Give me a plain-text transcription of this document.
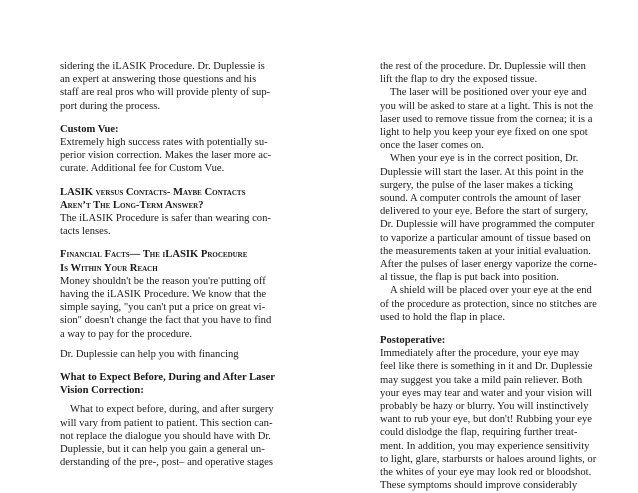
sidering the iLASIK Procedure. Dr. Duplessie is
an expert at answering those questions and his
staff are real pros who will provide plenty of sup-
port during the process.
Custom Vue:
Extremely high success rates with potentially su-
perior vision correction. Makes the laser more ac-
curate. Additional fee for Custom Vue.
LASIK versus Contacts- Maybe Contacts
Aren’t The Long-Term Answer?
The iLASIK Procedure is safer than wearing con-
tacts lenses.
Financial Facts— The iLASIK Procedure
Is Within Your Reach
Money shouldn't be the reason you're putting off
having the iLASIK Procedure. We know that the
simple saying, "you can't put a price on great vi-
sion" doesn't change the fact that you have to find
a way to pay for the procedure.
Dr. Duplessie can help you with financing
What to Expect Before, During and After Laser
Vision Correction:
What to expect before, during, and after surgery
will vary from patient to patient. This section can-
not replace the dialogue you should have with Dr.
Duplessie, but it can help you gain a general un-
derstanding of the pre-, post– and operative stages
the rest of the procedure. Dr. Duplessie will then
lift the flap to dry the exposed tissue.
The laser will be positioned over your eye and
you will be asked to stare at a light. This is not the
laser used to remove tissue from the cornea; it is a
light to help you keep your eye fixed on one spot
once the laser comes on.
When your eye is in the correct position, Dr.
Duplessie will start the laser. At this point in the
surgery, the pulse of the laser makes a ticking
sound. A computer controls the amount of laser
delivered to your eye. Before the start of surgery,
Dr. Duplessie will have programmed the computer
to vaporize a particular amount of tissue based on
the measurements taken at your initial evaluation.
After the pulses of laser energy vaporize the corne-
al tissue, the flap is put back into position.
A shield will be placed over your eye at the end
of the procedure as protection, since no stitches are
used to hold the flap in place.
Postoperative:
Immediately after the procedure, your eye may
feel like there is something in it and Dr. Duplessie
may suggest you take a mild pain reliever. Both
your eyes may tear and water and your vision will
probably be hazy or blurry. You will instinctively
want to rub your eye, but don't! Rubbing your eye
could dislodge the flap, requiring further treat-
ment. In addition, you may experience sensitivity
to light, glare, starbursts or haloes around lights, or
the whites of your eye may look red or bloodshot.
These symptoms should improve considerably
